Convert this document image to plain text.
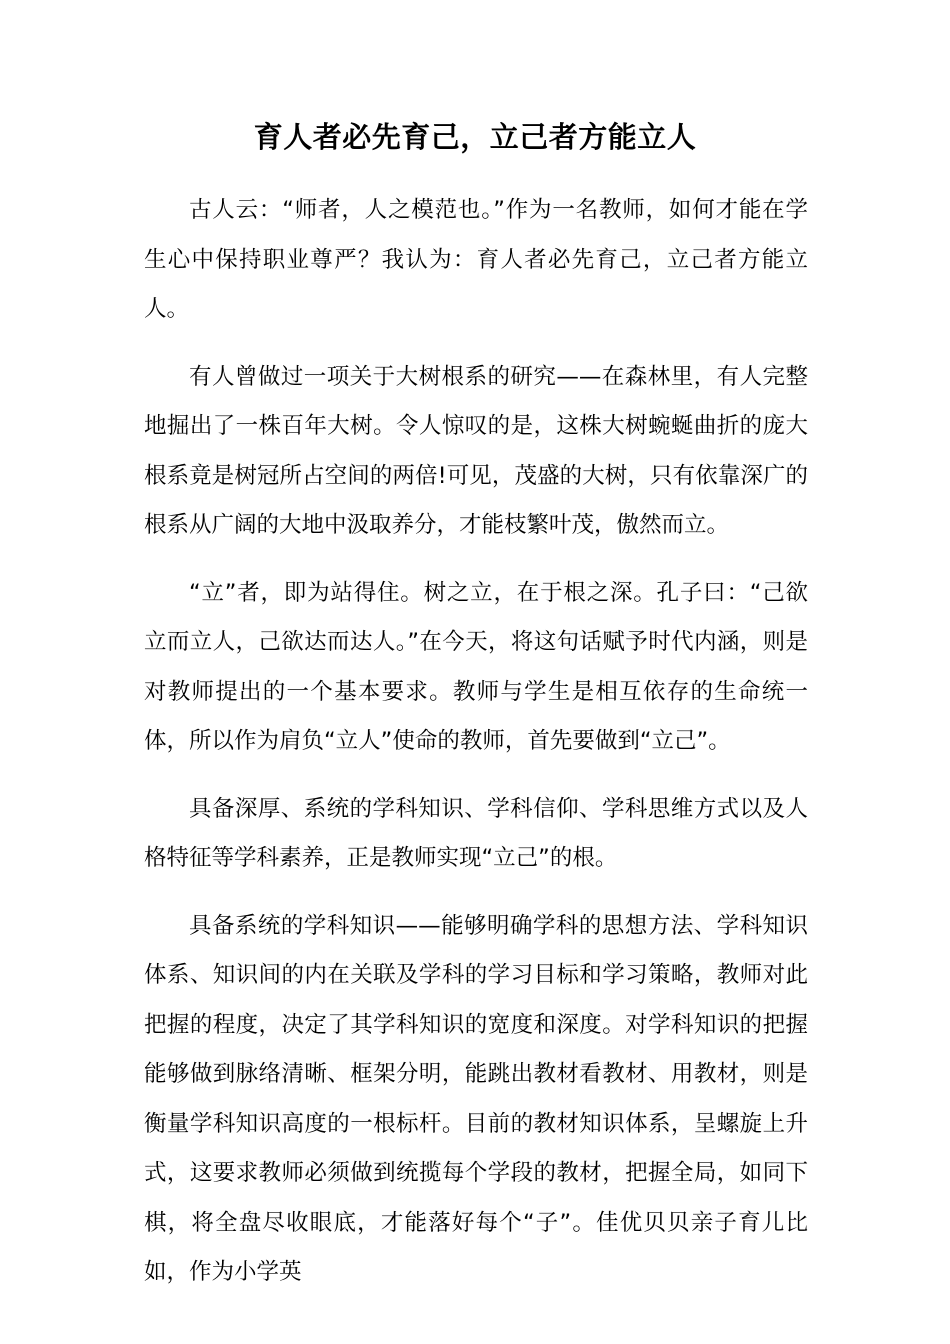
育人者必先育己，立己者方能立人

古人云：“师者，人之模范也。”作为一名教师，如何才能在学生心中保持职业尊严？我认为：育人者必先育己，立己者方能立人。

有人曾做过一项关于大树根系的研究——在森林里，有人完整地掘出了一株百年大树。令人惊叹的是，这株大树蜿蜒曲折的庞大根系竟是树冠所占空间的两倍!可见，茂盛的大树，只有依靠深广的根系从广阔的大地中汲取养分，才能枝繁叶茂，傲然而立。

“立”者，即为站得住。树之立，在于根之深。孔子曰：“己欲立而立人，己欲达而达人。”在今天，将这句话赋予时代内涵，则是对教师提出的一个基本要求。教师与学生是相互依存的生命统一体，所以作为肩负“立人”使命的教师，首先要做到“立己”。

具备深厚、系统的学科知识、学科信仰、学科思维方式以及人格特征等学科素养，正是教师实现“立己”的根。

具备系统的学科知识——能够明确学科的思想方法、学科知识体系、知识间的内在关联及学科的学习目标和学习策略，教师对此把握的程度，决定了其学科知识的宽度和深度。对学科知识的把握能够做到脉络清晰、框架分明，能跳出教材看教材、用教材，则是衡量学科知识高度的一根标杆。目前的教材知识体系，呈螺旋上升式，这要求教师必须做到统揽每个学段的教材，把握全局，如同下棋，将全盘尽收眼底，才能落好每个“子”。佳优贝贝亲子育儿比如，作为小学英
